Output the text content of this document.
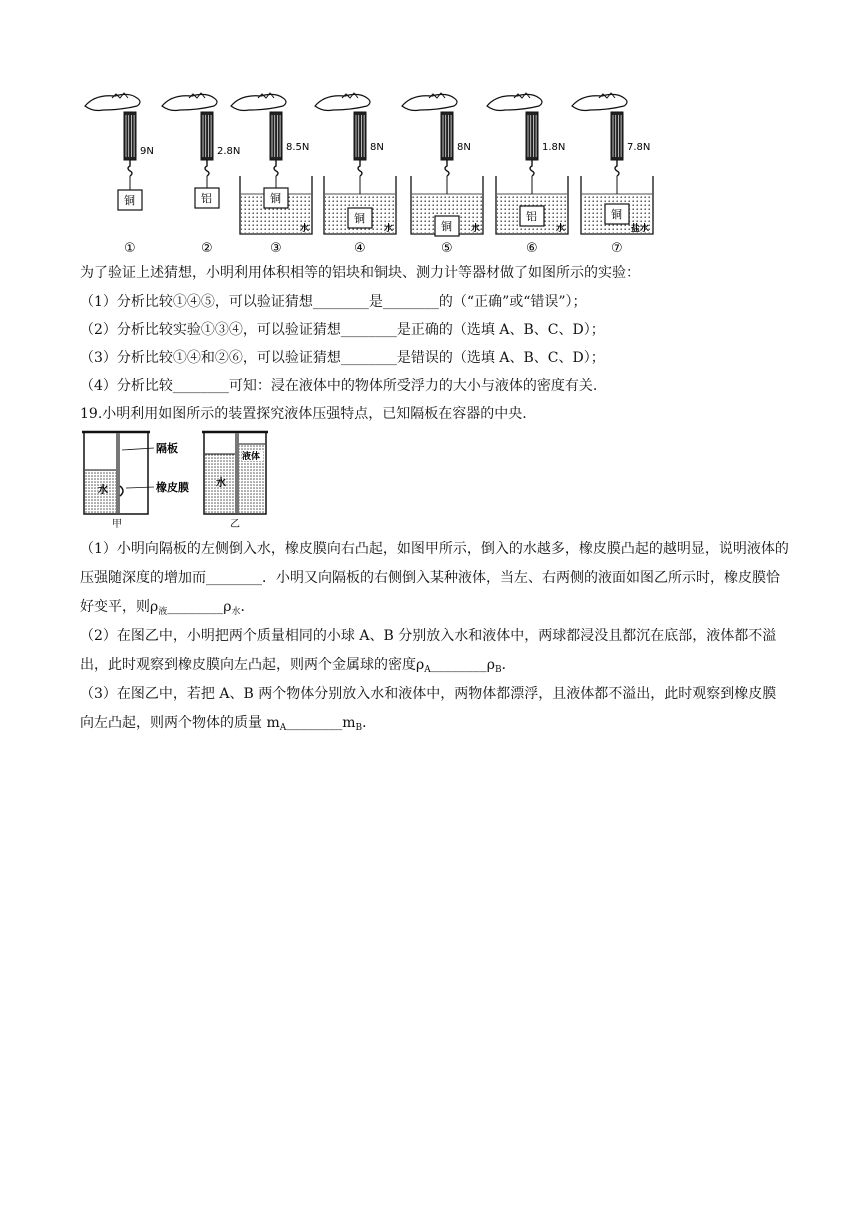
9N
铜
①
2.8N
铝
②
8.5N
水
铜
③
8N
水
铜
④
8N
水
铜
⑤
1.8N
水
铝
⑥
7.8N
盐水
铜
⑦
为了验证上述猜想，小明利用体积相等的铝块和铜块、测力计等器材做了如图所示的实验：
（1）分析比较①④⑤，可以验证猜想________是________的（“正确”或“错误”）；
（2）分析比较实验①③④，可以验证猜想________是正确的（选填 A、B、C、D）；
（3）分析比较①④和②⑥，可以验证猜想________是错误的（选填 A、B、C、D）；
（4）分析比较________可知：浸在液体中的物体所受浮力的大小与液体的密度有关.
19.小明利用如图所示的装置探究液体压强特点，已知隔板在容器的中央.
水
甲
隔板
橡皮膜
液体
水
乙
（1）小明向隔板的左侧倒入水，橡皮膜向右凸起，如图甲所示，倒入的水越多，橡皮膜凸起的越明显，说明液体的压强随深度的增加而________．小明又向隔板的右侧倒入某种液体，当左、右两侧的液面如图乙所示时，橡皮膜恰好变平，则$\rho_液\_\_\_\_\_\_\_\_\rho_水$．
（2）在图乙中，小明把两个质量相同的小球 A、B 分别放入水和液体中，两球都浸没且都沉在底部，液体都不溢出，此时观察到橡皮膜向左凸起，则两个金属球的密度$\rho_A\_\_\_\_\_\_\_\_\rho_B$．
（3）在图乙中，若把 A、B 两个物体分别放入水和液体中，两物体都漂浮，且液体都不溢出，此时观察到橡皮膜向左凸起，则两个物体的质量 $m_A\_\_\_\_\_\_\_\_m_B$．
